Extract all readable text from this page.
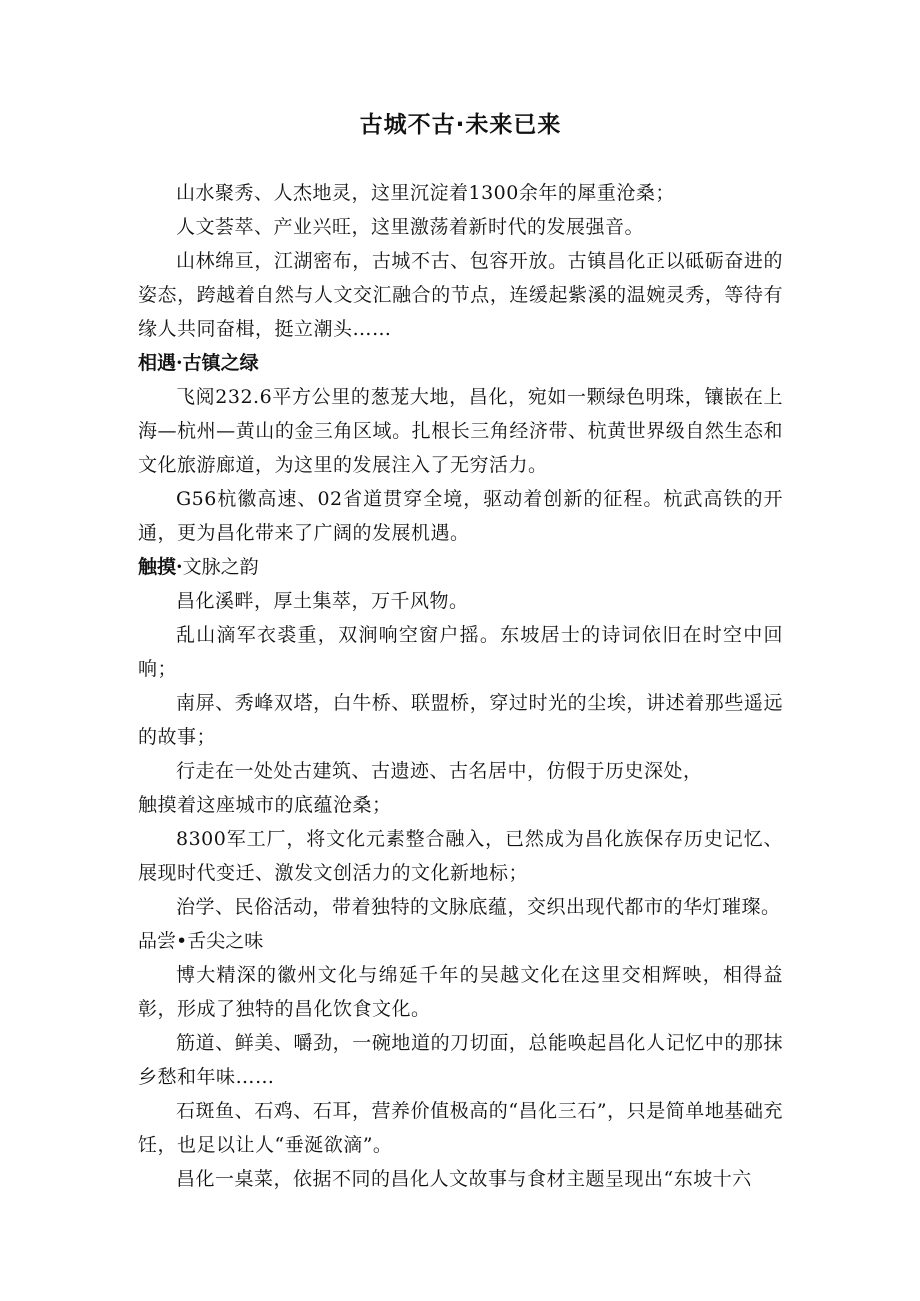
古城不古·未来已来

山水聚秀、人杰地灵，这里沉淀着1300余年的犀重沧桑；

人文荟萃、产业兴旺，这里激荡着新时代的发展强音。

山林绵亘，江湖密布，古城不古、包容开放。古镇昌化正以砥砺奋进的姿态，跨越着自然与人文交汇融合的节点，连缓起紫溪的温婉灵秀，等待有缘人共同奋楫，挺立潮头……

相遇·古镇之绿

飞阅232.6平方公里的葱茏大地，昌化，宛如一颗绿色明珠，镶嵌在上海—杭州—黄山的金三角区域。扎根长三角经济带、杭黄世界级自然生态和文化旅游廊道，为这里的发展注入了无穷活力。

G56杭徽高速、02省道贯穿全境，驱动着创新的征程。杭武高铁的开通，更为昌化带来了广阔的发展机遇。

触摸·文脉之韵

昌化溪畔，厚土集萃，万千风物。

乱山滴军衣裘重，双涧响空窗户摇。东坡居士的诗词依旧在时空中回响；

南屏、秀峰双塔，白牛桥、联盟桥，穿过时光的尘埃，讲述着那些遥远的故事；

行走在一处处古建筑、古遗迹、古名居中，仿假于历史深处，

触摸着这座城市的底蕴沧桑；

8300军工厂，将文化元素整合融入，已然成为昌化族保存历史记忆、展现时代变迁、激发文创活力的文化新地标；

治学、民俗活动，带着独特的文脉底蕴，交织出现代都市的华灯璀璨。

品尝•舌尖之味

博大精深的徽州文化与绵延千年的吴越文化在这里交相辉映，相得益彰，形成了独特的昌化饮食文化。

筋道、鲜美、嚼劲，一碗地道的刀切面，总能唤起昌化人记忆中的那抹乡愁和年味……

石斑鱼、石鸡、石耳，营养价值极高的“昌化三石”，只是简单地基础充饪，也足以让人“垂涎欲滴”。

昌化一桌菜，依据不同的昌化人文故事与食材主题呈现出“东坡十六
